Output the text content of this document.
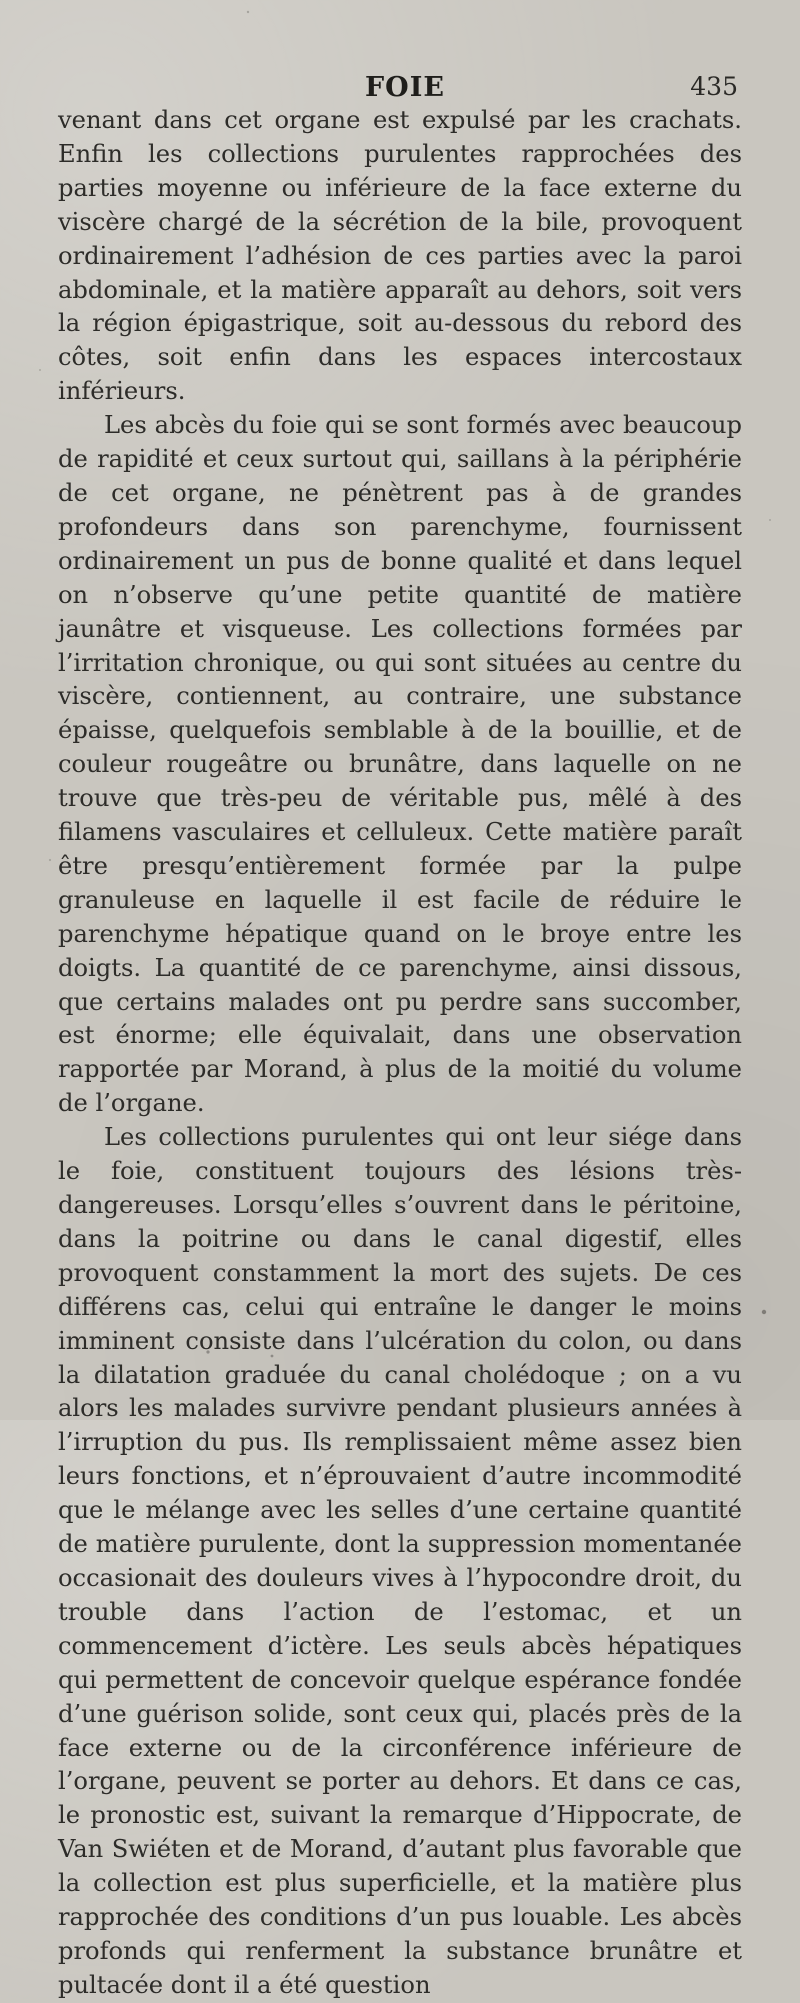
FOIE	435

venant dans cet organe est expulsé par les crachats. Enfin les collections purulentes rapprochées des parties moyenne ou inférieure de la face externe du viscère chargé de la sécrétion de la bile, provoquent ordinairement l’adhésion de ces parties avec la paroi abdominale, et la matière apparaît au dehors, soit vers la région épigastrique, soit au-dessous du rebord des côtes, soit enfin dans les espaces intercostaux inférieurs.

Les abcès du foie qui se sont formés avec beaucoup de rapidité et ceux surtout qui, saillans à la périphérie de cet organe, ne pénètrent pas à de grandes profondeurs dans son parenchyme, fournissent ordinairement un pus de bonne qualité et dans lequel on n’observe qu’une petite quantité de matière jaunâtre et visqueuse. Les collections formées par l’irritation chronique, ou qui sont situées au centre du viscère, contiennent, au contraire, une substance épaisse, quelquefois semblable à de la bouillie, et de couleur rougeâtre ou brunâtre, dans laquelle on ne trouve que très-peu de véritable pus, mêlé à des filamens vasculaires et celluleux. Cette matière paraît être presqu’entièrement formée par la pulpe granuleuse en laquelle il est facile de réduire le parenchyme hépatique quand on le broye entre les doigts. La quantité de ce parenchyme, ainsi dissous, que certains malades ont pu perdre sans succomber, est énorme; elle équivalait, dans une observation rapportée par Morand, à plus de la moitié du volume de l’organe.

Les collections purulentes qui ont leur siége dans le foie, constituent toujours des lésions très-dangereuses. Lorsqu’elles s’ouvrent dans le péritoine, dans la poitrine ou dans le canal digestif, elles provoquent constamment la mort des sujets. De ces différens cas, celui qui entraîne le danger le moins imminent consiste dans l’ulcération du colon, ou dans la dilatation graduée du canal cholédoque ; on a vu alors les malades survivre pendant plusieurs années à l’irruption du pus. Ils remplissaient même assez bien leurs fonctions, et n’éprouvaient d’autre incommodité que le mélange avec les selles d’une certaine quantité de matière purulente, dont la suppression momentanée occasionait des douleurs vives à l’hypocondre droit, du trouble dans l’action de l’estomac, et un commencement d’ictère. Les seuls abcès hépatiques qui permettent de concevoir quelque espérance fondée d’une guérison solide, sont ceux qui, placés près de la face externe ou de la circonférence inférieure de l’organe, peuvent se porter au dehors. Et dans ce cas, le pronostic est, suivant la remarque d’Hippocrate, de Van Swiéten et de Morand, d’autant plus favorable que la collection est plus superficielle, et la matière plus rapprochée des conditions d’un pus louable. Les abcès profonds qui renferment la substance brunâtre et pultacée dont il a été question
